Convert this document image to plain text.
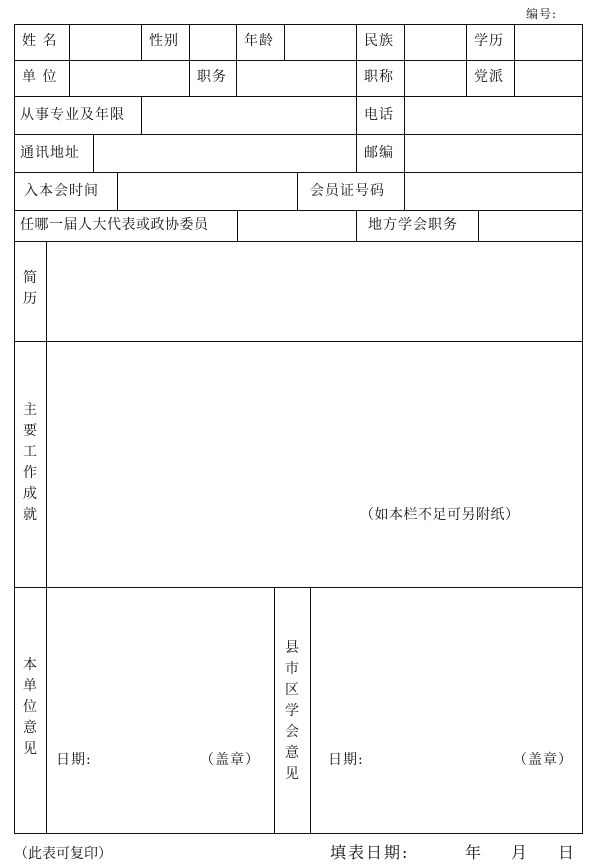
编号:
姓 名	性别	年龄	民族	学历
单 位	职务	职称	党派
从事专业及年限	电话
通讯地址	邮编
入本会时间	会员证号码
任哪一届人大代表或政协委员	地方学会职务
简历
主要工作成就	（如本栏不足可另附纸）
本单位意见
日期:	（盖章）
县市区学会意见
日期:	（盖章）
（此表可复印）	填表日期:	年 月 日
